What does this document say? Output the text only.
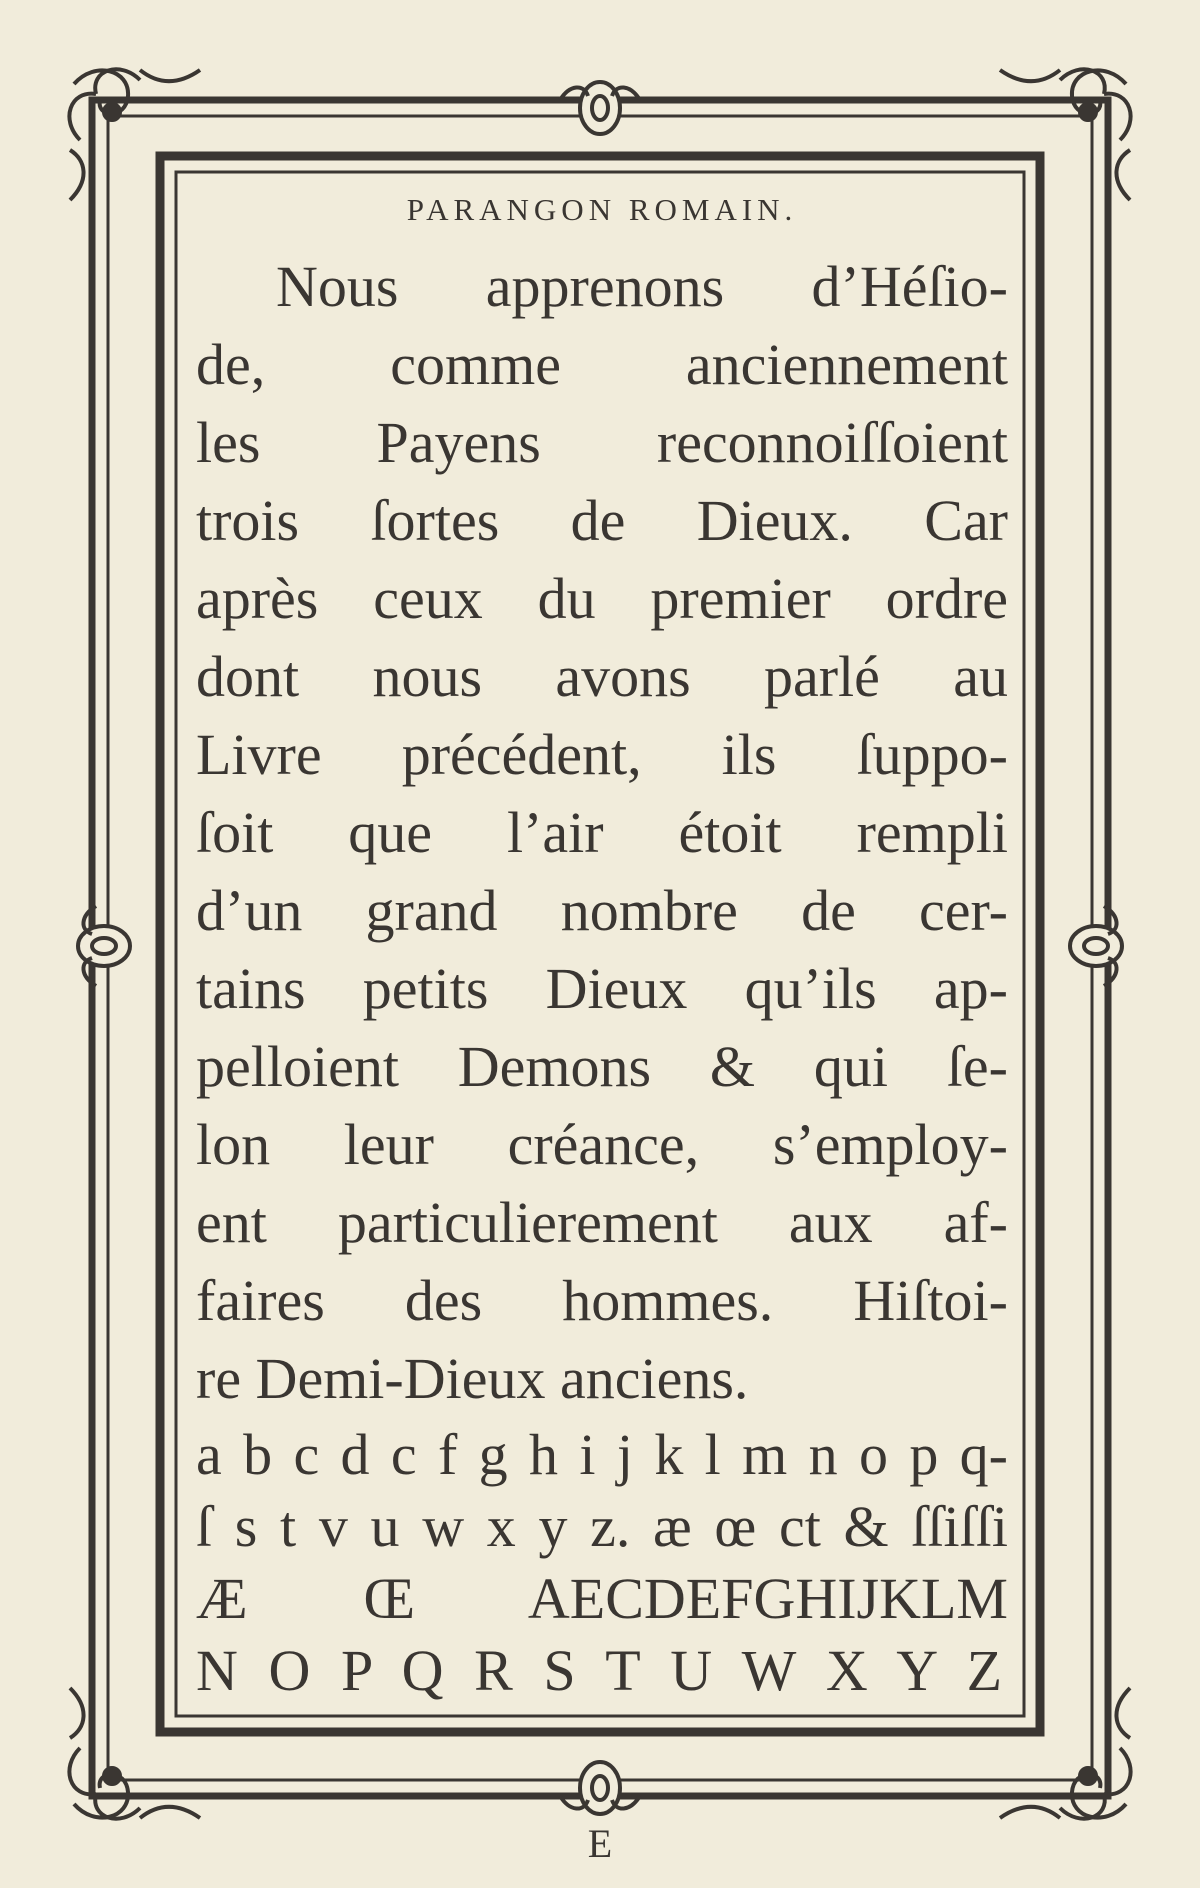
PARANGON ROMAIN.
Nous apprenons d’Héſio-
de, comme anciennement
les Payens reconnoiſſoient
trois ſortes de Dieux. Car
après ceux du premier ordre
dont nous avons parlé au
Livre précédent, ils ſuppo-
ſoit que l’air étoit rempli
d’un grand nombre de cer-
tains petits Dieux qu’ils ap-
pelloient Demons & qui ſe-
lon leur créance, s’employ-
ent particulierement aux af-
faires des hommes. Hiſtoi-
re Demi-Dieux anciens.
a b c d c f g h i j k l m n o p q-
ſ s t v u w x y z. æ œ ct & ſſiſſi
Æ Œ AECDEFGHIJKLM
N O P Q R S T U W X Y Z
E
